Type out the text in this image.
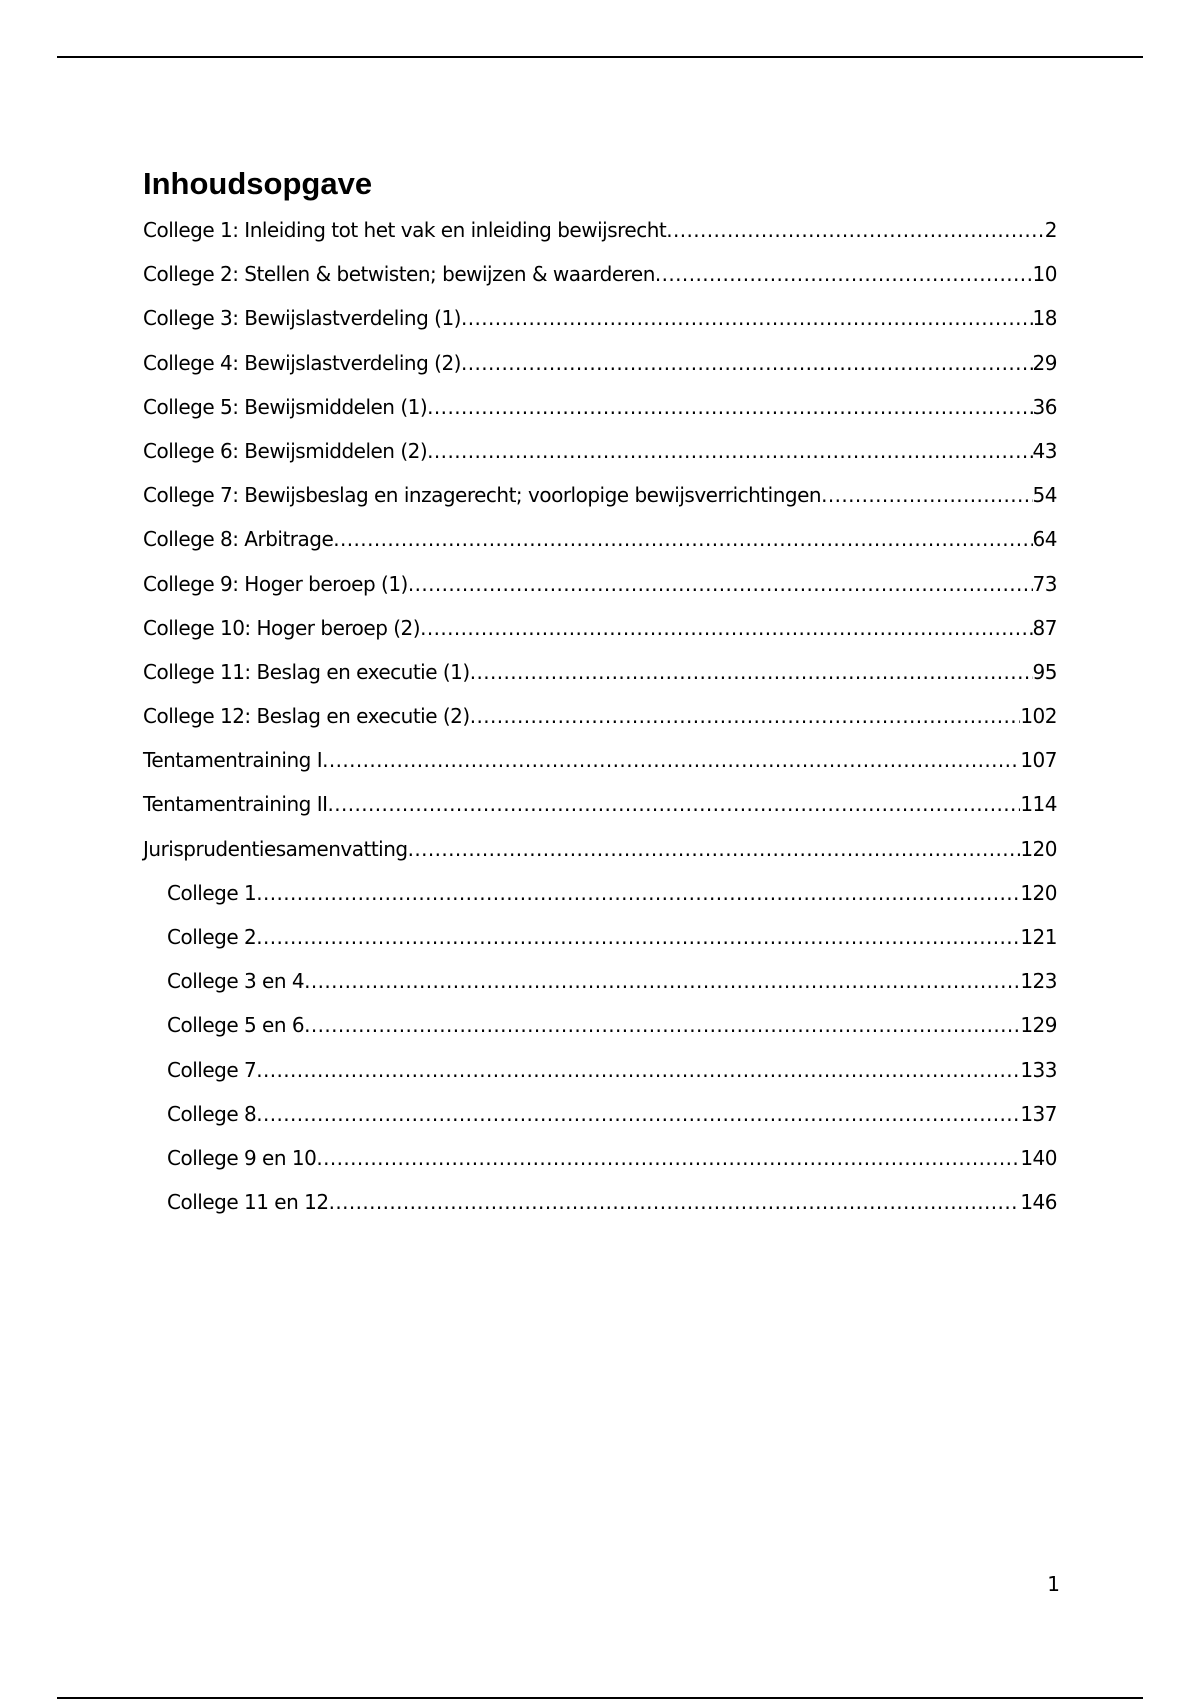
Inhoudsopgave
College 1: Inleiding tot het vak en inleiding bewijsrecht .....	2
College 2: Stellen & betwisten; bewijzen & waarderen .....	10
College 3: Bewijslastverdeling (1) .....	18
College 4: Bewijslastverdeling (2) .....	29
College 5: Bewijsmiddelen (1) .....	36
College 6: Bewijsmiddelen (2) .....	43
College 7: Bewijsbeslag en inzagerecht; voorlopige bewijsverrichtingen .....	54
College 8: Arbitrage .....	64
College 9: Hoger beroep (1) .....	73
College 10: Hoger beroep (2) .....	87
College 11: Beslag en executie (1) .....	95
College 12: Beslag en executie (2) .....	102
Tentamentraining I .....	107
Tentamentraining II .....	114
Jurisprudentiesamenvatting .....	120
College 1 .....	120
College 2 .....	121
College 3 en 4 .....	123
College 5 en 6 .....	129
College 7 .....	133
College 8 .....	137
College 9 en 10 .....	140
College 11 en 12 .....	146
1
